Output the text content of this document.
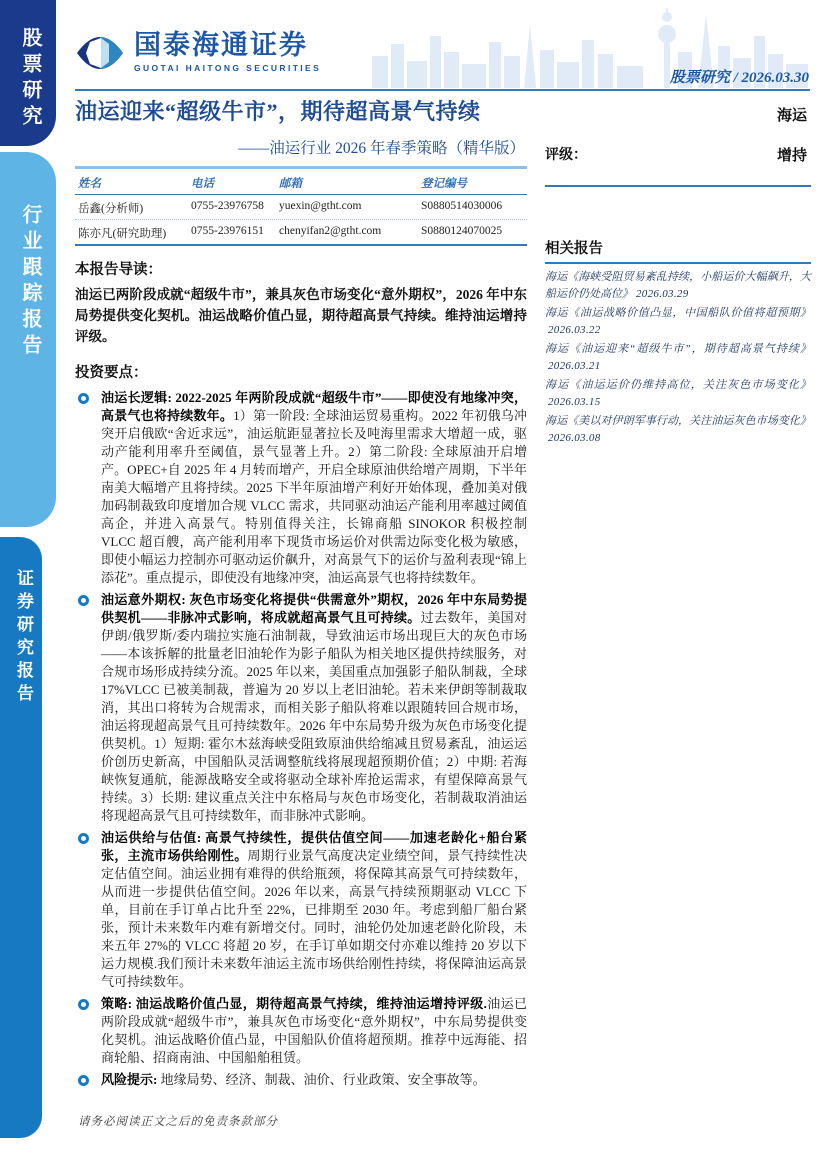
股票研究
行业跟踪报告
证券研究报告
国泰海通证券
GUOTAI HAITONG SECURITIES
股票研究 / 2026.03.30
油运迎来“超级牛市”，期待超高景气持续
——油运行业 2026 年春季策略（精华版）
姓名	电话	邮箱	登记编号
岳鑫(分析师)	0755-23976758	yuexin@gtht.com	S0880514030006
陈亦凡(研究助理)	0755-23976151	chenyifan2@gtht.com	S0880124070025
本报告导读：
油运已两阶段成就“超级牛市”，兼具灰色市场变化“意外期权”，2026 年中东局势提供变化契机。油运战略价值凸显，期待超高景气持续。维持油运增持评级。
投资要点：

油运长逻辑: 2022-2025 年两阶段成就“超级牛市”——即使没有地缘冲突，高景气也将持续数年。1）第一阶段: 全球油运贸易重构。2022 年初俄乌冲突开启俄欧“舍近求远”，油运航距显著拉长及吨海里需求大增超一成，驱动产能利用率升至阈值，景气显著上升。2）第二阶段: 全球原油开启增产。OPEC+自 2025 年 4 月转而增产，开启全球原油供给增产周期，下半年南美大幅增产且将持续。2025 下半年原油增产利好开始体现，叠加美对俄加码制裁致印度增加合规 VLCC 需求，共同驱动油运产能利用率越过阈值高企，并进入高景气。特别值得关注，长锦商船 SINOKOR 积极控制 VLCC 超百艘，高产能利用率下现货市场运价对供需边际变化极为敏感，即使小幅运力控制亦可驱动运价飙升，对高景气下的运价与盈利表现“锦上添花”。重点提示，即使没有地缘冲突，油运高景气也将持续数年。

油运意外期权: 灰色市场变化将提供“供需意外”期权，2026 年中东局势提供契机——非脉冲式影响，将成就超高景气且可持续。过去数年，美国对伊朗/俄罗斯/委内瑞拉实施石油制裁，导致油运市场出现巨大的灰色市场——本该拆解的批量老旧油轮作为影子船队为相关地区提供持续服务，对合规市场形成持续分流。2025 年以来，美国重点加强影子船队制裁，全球 17%VLCC 已被美制裁，普遍为 20 岁以上老旧油轮。若未来伊朗等制裁取消，其出口将转为合规需求，而相关影子船队将难以跟随转回合规市场，油运将现超高景气且可持续数年。2026 年中东局势升级为灰色市场变化提供契机。1）短期: 霍尔木兹海峡受阻致原油供给缩减且贸易紊乱，油运运价创历史新高，中国船队灵活调整航线将展现超预期价值；2）中期: 若海峡恢复通航，能源战略安全或将驱动全球补库抢运需求，有望保障高景气持续。3）长期: 建议重点关注中东格局与灰色市场变化，若制裁取消油运将现超高景气且可持续数年，而非脉冲式影响。

油运供给与估值: 高景气持续性，提供估值空间——加速老龄化+船台紧张，主流市场供给刚性。周期行业景气高度决定业绩空间，景气持续性决定估值空间。油运业拥有难得的供给瓶颈，将保障其高景气可持续数年，从而进一步提供估值空间。2026 年以来，高景气持续预期驱动 VLCC 下单，目前在手订单占比升至 22%，已排期至 2030 年。考虑到船厂船台紧张，预计未来数年内难有新增交付。同时，油轮仍处加速老龄化阶段，未来五年 27%的 VLCC 将超 20 岁，在手订单如期交付亦难以维持 20 岁以下运力规模.我们预计未来数年油运主流市场供给刚性持续，将保障油运高景气可持续数年。

策略: 油运战略价值凸显，期待超高景气持续，维持油运增持评级.油运已两阶段成就“超级牛市”，兼具灰色市场变化“意外期权”，中东局势提供变化契机。油运战略价值凸显，中国船队价值将超预期。推荐中远海能、招商轮船、招商南油、中国船舶租赁。

风险提示: 地缘局势、经济、制裁、油价、行业政策、安全事故等。

海运
评级：	增持
相关报告

海运《海峡受阻贸易紊乱持续，小船运价大幅飙升，大船运价仍处高位》 2026.03.29

海运《油运战略价值凸显，中国船队价值将超预期》2026.03.22

海运《油运迎来“超级牛市”，期待超高景气持续》2026.03.21

海运《油运运价仍维持高位，关注灰色市场变化》2026.03.15

海运《美以对伊朗军事行动，关注油运灰色市场变化》2026.03.08

请务必阅读正文之后的免责条款部分
